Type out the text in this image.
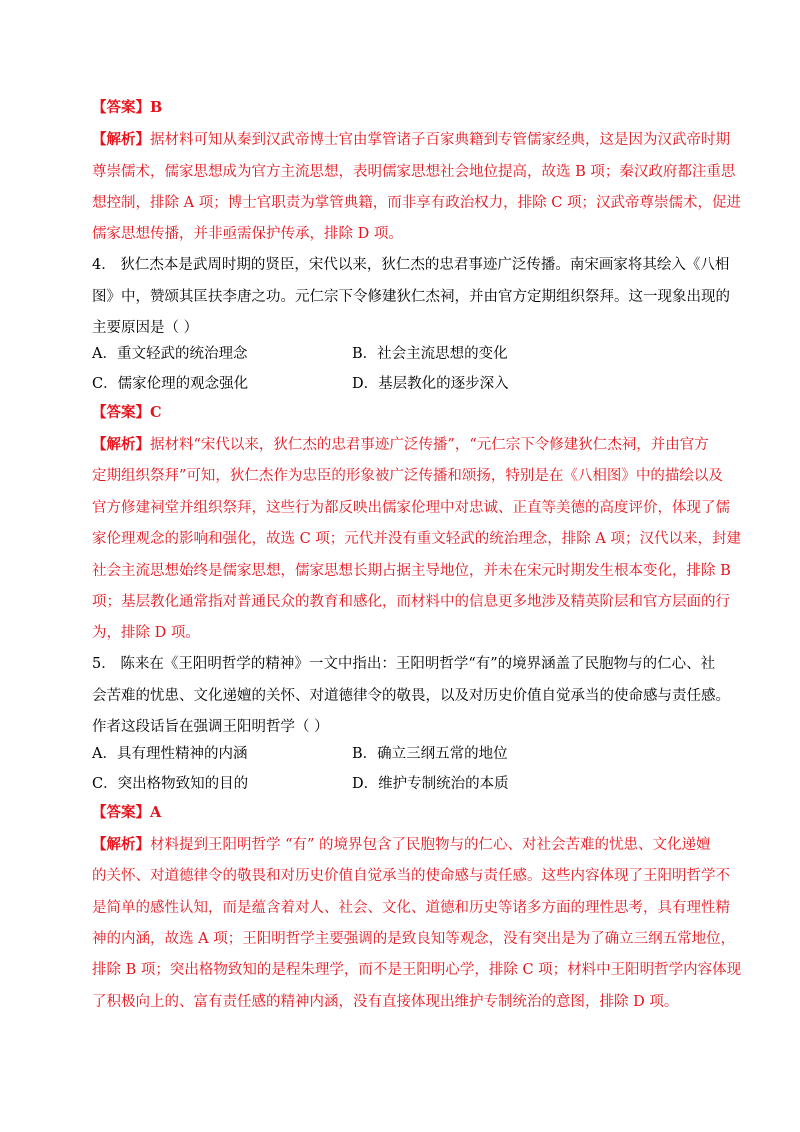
【答案】B
【解析】据材料可知从秦到汉武帝博士官由掌管诸子百家典籍到专管儒家经典，这是因为汉武帝时期
尊崇儒术，儒家思想成为官方主流思想，表明儒家思想社会地位提高，故选 B 项；秦汉政府都注重思
想控制，排除 A 项；博士官职责为掌管典籍，而非享有政治权力，排除 C 项；汉武帝尊崇儒术，促进
儒家思想传播，并非亟需保护传承，排除 D 项。
4． 狄仁杰本是武周时期的贤臣，宋代以来，狄仁杰的忠君事迹广泛传播。南宋画家将其绘入《八相
图》中，赞颂其匡扶李唐之功。元仁宗下令修建狄仁杰祠，并由官方定期组织祭拜。这一现象出现的
主要原因是（ ）
A．重文轻武的统治理念	B．社会主流思想的变化
C．儒家伦理的观念强化	D．基层教化的逐步深入
【答案】C
【解析】据材料“宋代以来，狄仁杰的忠君事迹广泛传播”，“元仁宗下令修建狄仁杰祠，并由官方
定期组织祭拜”可知，狄仁杰作为忠臣的形象被广泛传播和颂扬，特别是在《八相图》中的描绘以及
官方修建祠堂并组织祭拜，这些行为都反映出儒家伦理中对忠诚、正直等美德的高度评价，体现了儒
家伦理观念的影响和强化，故选 C 项；元代并没有重文轻武的统治理念，排除 A 项；汉代以来，封建
社会主流思想始终是儒家思想，儒家思想长期占据主导地位，并未在宋元时期发生根本变化，排除 B
项；基层教化通常指对普通民众的教育和感化，而材料中的信息更多地涉及精英阶层和官方层面的行
为，排除 D 项。
5． 陈来在《王阳明哲学的精神》一文中指出：王阳明哲学“有”的境界涵盖了民胞物与的仁心、社
会苦难的忧患、文化递嬗的关怀、对道德律令的敬畏，以及对历史价值自觉承当的使命感与责任感。
作者这段话旨在强调王阳明哲学（ ）
A．具有理性精神的内涵	B．确立三纲五常的地位
C．突出格物致知的目的	D．维护专制统治的本质
【答案】A
【解析】材料提到王阳明哲学 “有” 的境界包含了民胞物与的仁心、对社会苦难的忧患、文化递嬗
的关怀、对道德律令的敬畏和对历史价值自觉承当的使命感与责任感。这些内容体现了王阳明哲学不
是简单的感性认知，而是蕴含着对人、社会、文化、道德和历史等诸多方面的理性思考，具有理性精
神的内涵，故选 A 项；王阳明哲学主要强调的是致良知等观念，没有突出是为了确立三纲五常地位，
排除 B 项；突出格物致知的是程朱理学，而不是王阳明心学，排除 C 项；材料中王阳明哲学内容体现
了积极向上的、富有责任感的精神内涵，没有直接体现出维护专制统治的意图，排除 D 项。
